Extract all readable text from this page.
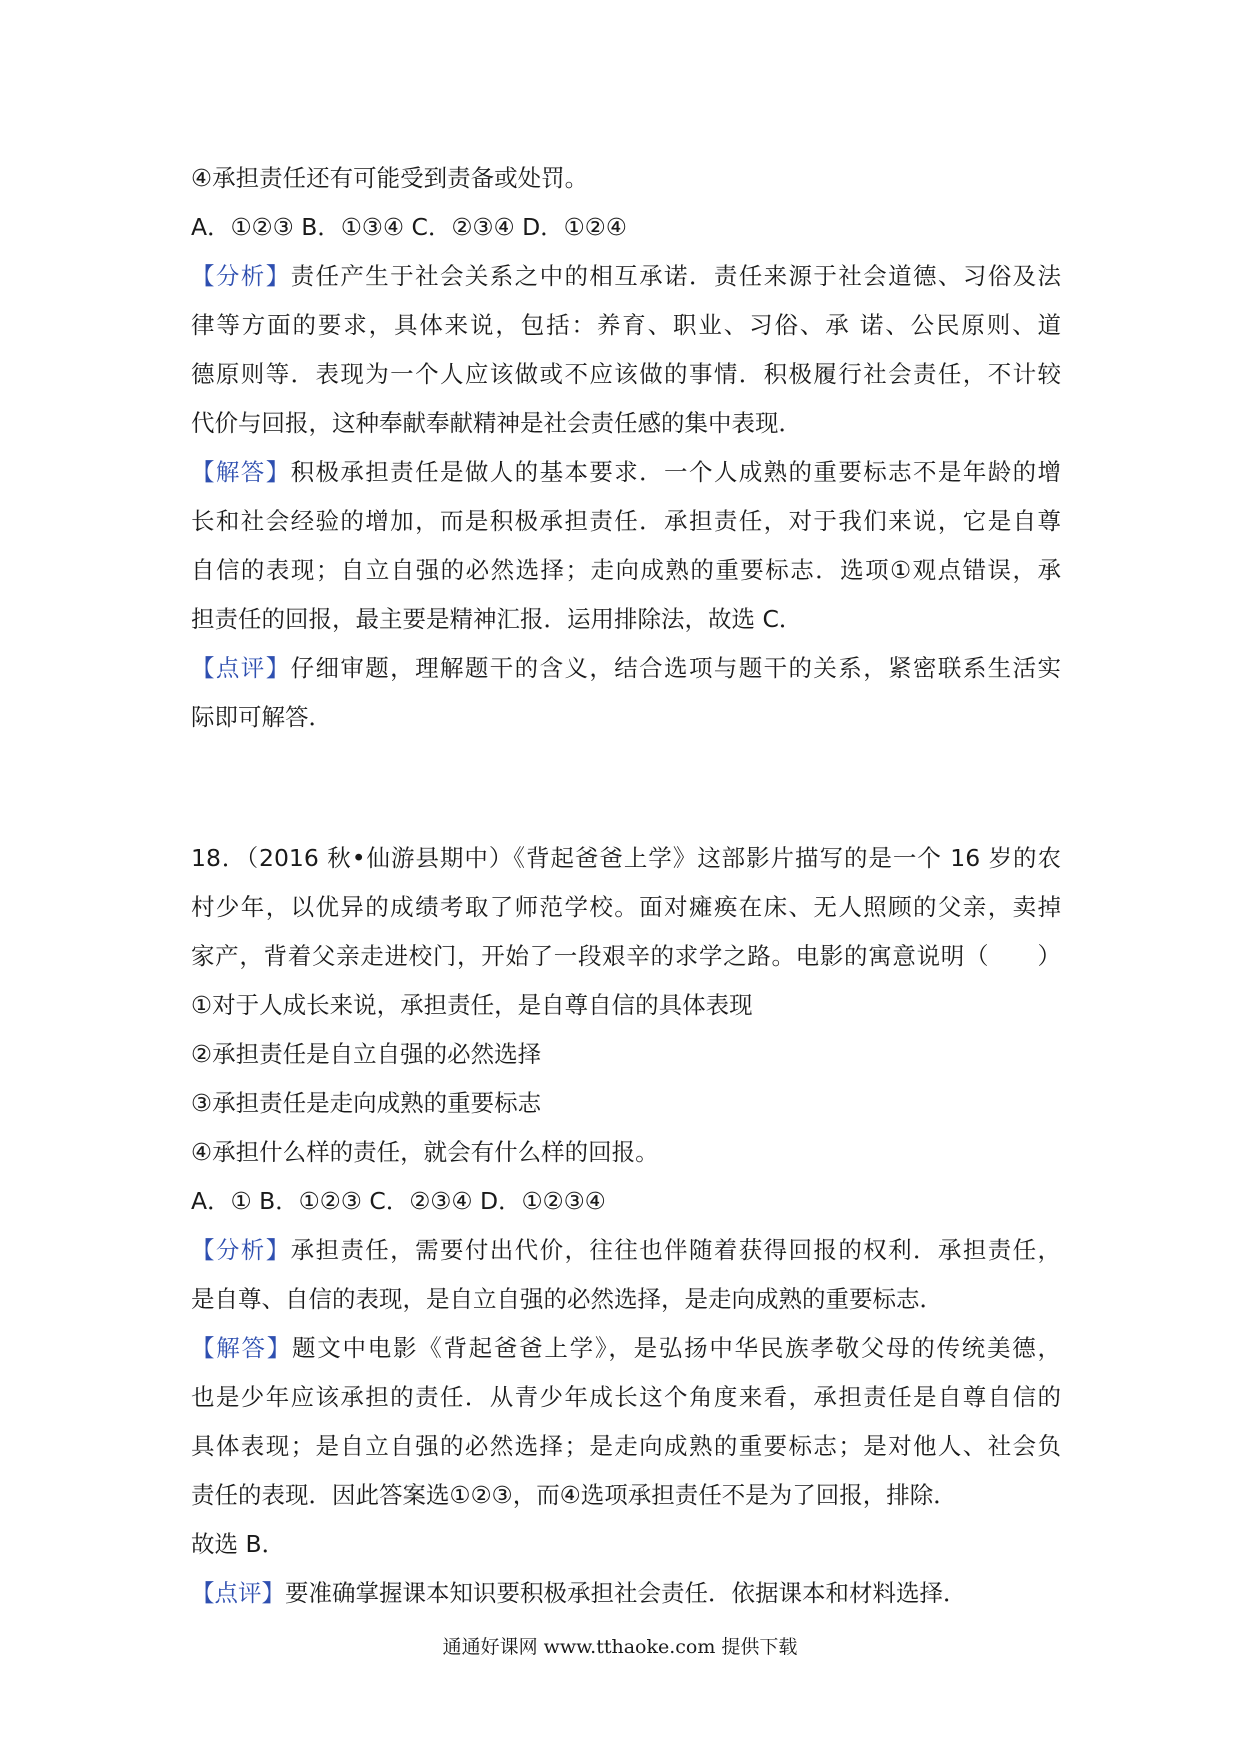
④承担责任还有可能受到责备或处罚。
A．①②③ B．①③④ C．②③④ D．①②④
【分析】责任产生于社会关系之中的相互承诺．责任来源于社会道德、习俗及法
律等方面的要求，具体来说，包括：养育、职业、习俗、承 诺、公民原则、道
德原则等．表现为一个人应该做或不应该做的事情．积极履行社会责任，不计较
代价与回报，这种奉献奉献精神是社会责任感的集中表现．
【解答】积极承担责任是做人的基本要求．一个人成熟的重要标志不是年龄的增
长和社会经验的增加，而是积极承担责任．承担责任，对于我们来说，它是自尊
自信的表现；自立自强的必然选择；走向成熟的重要标志．选项①观点错误，承
担责任的回报，最主要是精神汇报．运用排除法，故选 C．
【点评】仔细审题，理解题干的含义，结合选项与题干的关系，紧密联系生活实
际即可解答．
18．（2016 秋•仙游县期中）《背起爸爸上学》这部影片描写的是一个 16 岁的农
村少年，以优异的成绩考取了师范学校。面对瘫痪在床、无人照顾的父亲，卖掉
家产，背着父亲走进校门，开始了一段艰辛的求学之路。电影的寓意说明（　　）
①对于人成长来说，承担责任，是自尊自信的具体表现
②承担责任是自立自强的必然选择
③承担责任是走向成熟的重要标志
④承担什么样的责任，就会有什么样的回报。
A．① B．①②③ C．②③④ D．①②③④
【分析】承担责任，需要付出代价，往往也伴随着获得回报的权利．承担责任，
是自尊、自信的表现，是自立自强的必然选择，是走向成熟的重要标志．
【解答】题文中电影《背起爸爸上学》，是弘扬中华民族孝敬父母的传统美德，
也是少年应该承担的责任．从青少年成长这个角度来看，承担责任是自尊自信的
具体表现；是自立自强的必然选择；是走向成熟的重要标志；是对他人、社会负
责任的表现．因此答案选①②③，而④选项承担责任不是为了回报，排除．
故选 B．
【点评】要准确掌握课本知识要积极承担社会责任．依据课本和材料选择．
通通好课网 www.tthaoke.com 提供下载
